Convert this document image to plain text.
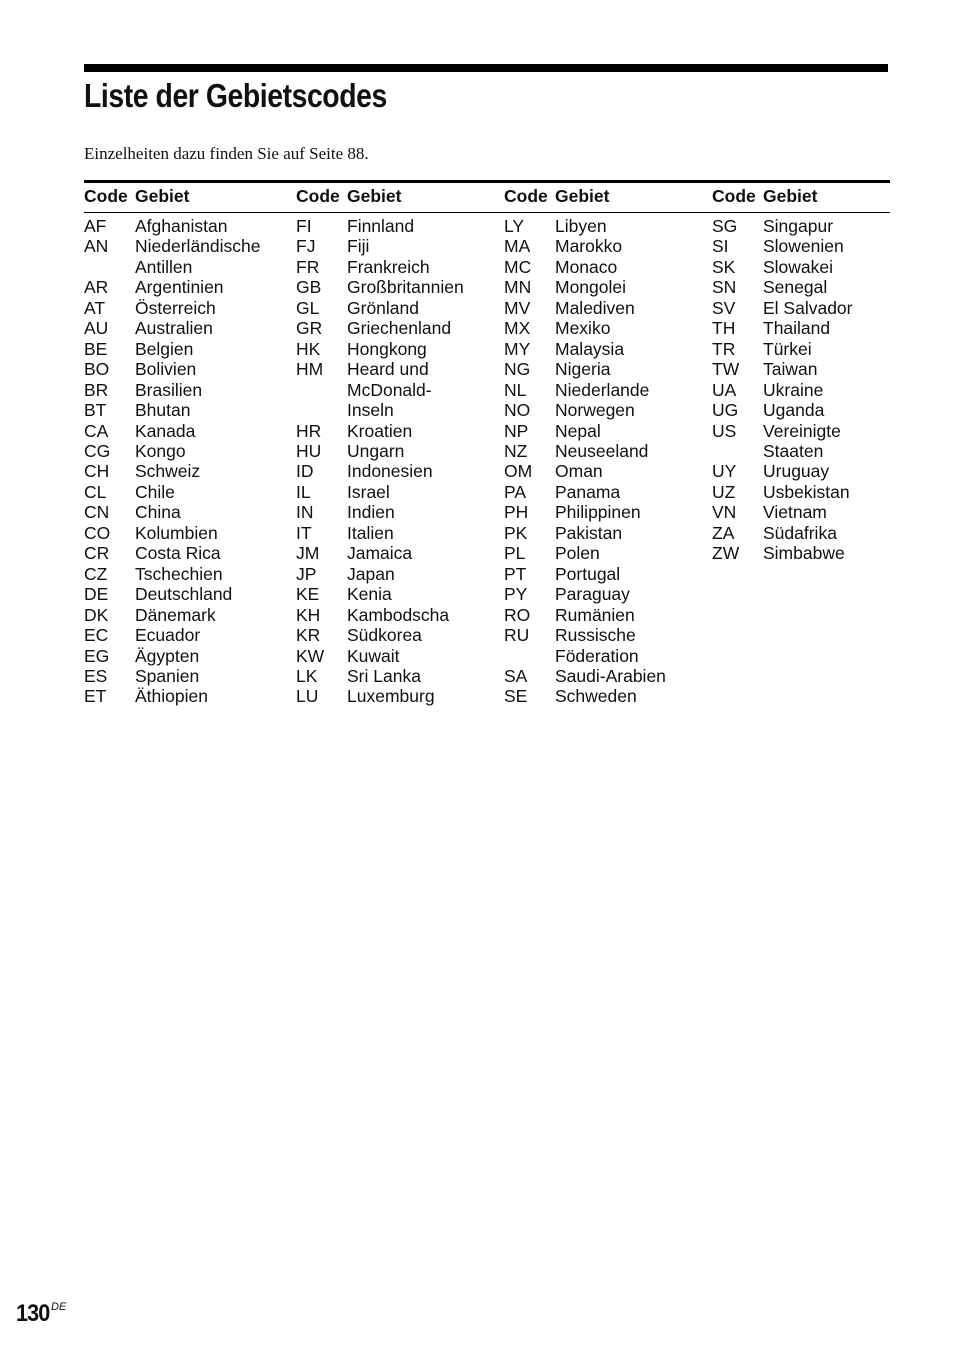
Liste der Gebietscodes
Einzelheiten dazu finden Sie auf Seite 88.
Code Gebiet
AF	Afghanistan
AN	Niederländische
Antillen
AR	Argentinien
AT	Österreich
AU	Australien
BE	Belgien
BO	Bolivien
BR	Brasilien
BT	Bhutan
CA	Kanada
CG	Kongo
CH	Schweiz
CL	Chile
CN	China
CO	Kolumbien
CR	Costa Rica
CZ	Tschechien
DE	Deutschland
DK	Dänemark
EC	Ecuador
EG	Ägypten
ES	Spanien
ET	Äthiopien
Code Gebiet
FI	Finnland
FJ	Fiji
FR	Frankreich
GB	Großbritannien
GL	Grönland
GR	Griechenland
HK	Hongkong
HM	Heard und
McDonald-
Inseln
HR	Kroatien
HU	Ungarn
ID	Indonesien
IL	Israel
IN	Indien
IT	Italien
JM	Jamaica
JP	Japan
KE	Kenia
KH	Kambodscha
KR	Südkorea
KW	Kuwait
LK	Sri Lanka
LU	Luxemburg
Code Gebiet
LY	Libyen
MA	Marokko
MC	Monaco
MN	Mongolei
MV	Malediven
MX	Mexiko
MY	Malaysia
NG	Nigeria
NL	Niederlande
NO	Norwegen
NP	Nepal
NZ	Neuseeland
OM	Oman
PA	Panama
PH	Philippinen
PK	Pakistan
PL	Polen
PT	Portugal
PY	Paraguay
RO	Rumänien
RU	Russische
Föderation
SA	Saudi-Arabien
SE	Schweden
Code Gebiet
SG	Singapur
SI	Slowenien
SK	Slowakei
SN	Senegal
SV	El Salvador
TH	Thailand
TR	Türkei
TW	Taiwan
UA	Ukraine
UG	Uganda
US	Vereinigte
Staaten
UY	Uruguay
UZ	Usbekistan
VN	Vietnam
ZA	Südafrika
ZW	Simbabwe
130 $^{DE}$
